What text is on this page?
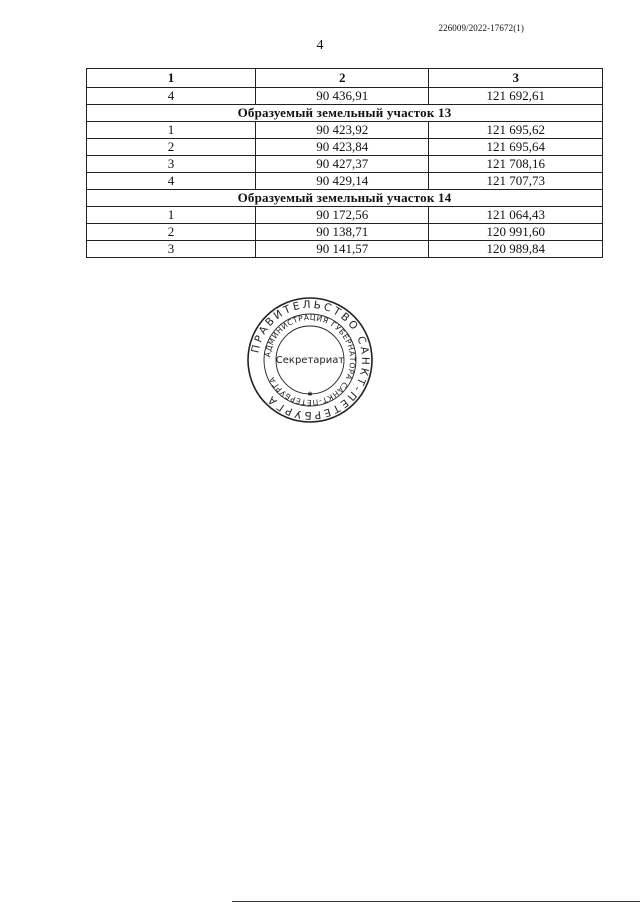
226009/2022-17672(1)
4
1	2	3
4	90 436,91	121 692,61
Образуемый земельный участок 13		
1	90 423,92	121 695,62
2	90 423,84	121 695,64
3	90 427,37	121 708,16
4	90 429,14	121 707,73
Образуемый земельный участок 14		
1	90 172,56	121 064,43
2	90 138,71	120 991,60
3	90 141,57	120 989,84
ПРАВИТЕЛЬСТВО САНКТ-ПЕТЕРБУРГА
АДМИНИСТРАЦИЯ ГУБЕРНАТОРА САНКТ-ПЕТЕРБУРГА
Секретариат
✱
